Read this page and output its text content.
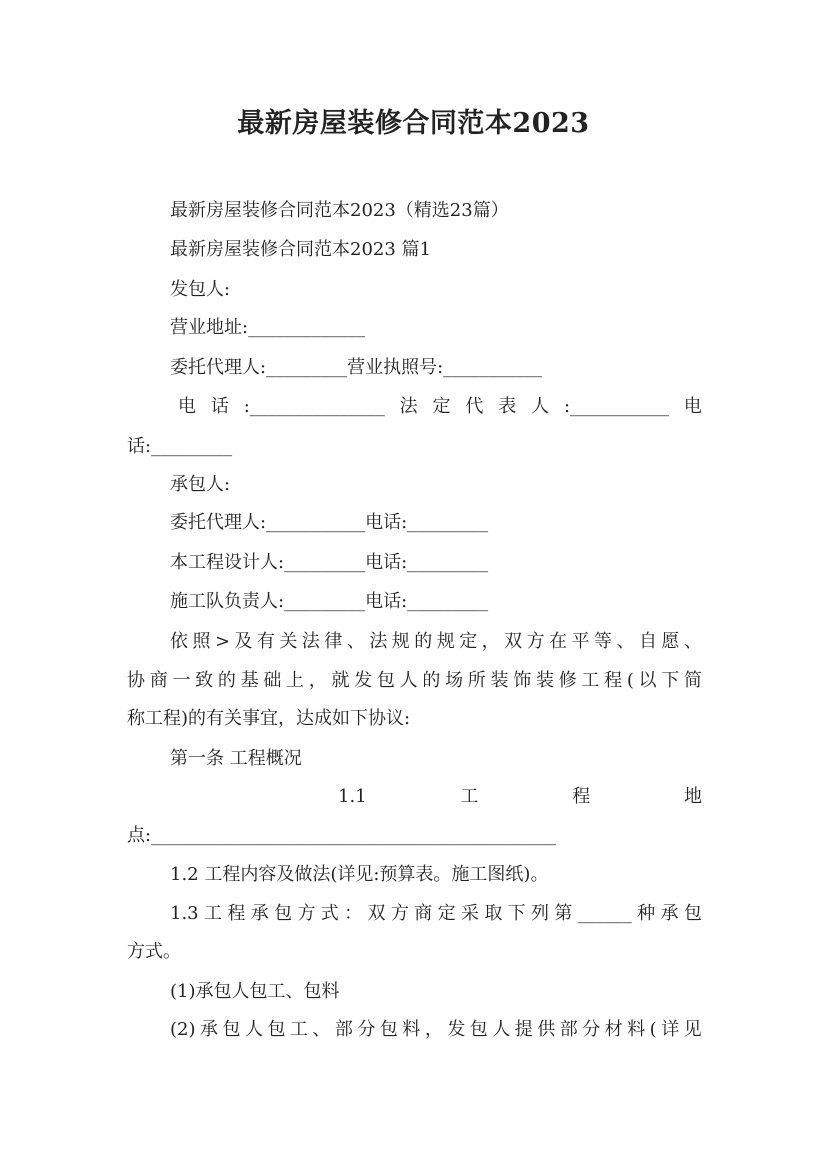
最新房屋装修合同范本2023
最新房屋装修合同范本2023（精选23篇）
最新房屋装修合同范本2023 篇1
发包人:
营业地址:_____________
委托代理人:_________营业执照号:___________
电 话 :_______________ 法 定 代 表 人 :___________ 电
话:_________
承包人:
委托代理人:___________电话:_________
本工程设计人:_________电话:_________
施工队负责人:_________电话:_________
依 照 > 及 有 关 法 律 、 法 规 的 规 定 ， 双 方 在 平 等 、 自 愿 、
协 商 一 致 的 基 础 上 ， 就 发 包 人 的 场 所 装 饰 装 修 工 程 ( 以 下 简
称工程)的有关事宜，达成如下协议:
第一条 工程概况
1.1	工	程	地
点:_____________________________________________
1.2 工程内容及做法(详见:预算表。施工图纸)。
1.3 工 程 承 包 方 式 ： 双 方 商 定 采 取 下 列 第 ______ 种 承 包
方式。
(1)承包人包工、包料
(2) 承 包 人 包 工 、 部 分 包 料 ， 发 包 人 提 供 部 分 材 料 ( 详 见
